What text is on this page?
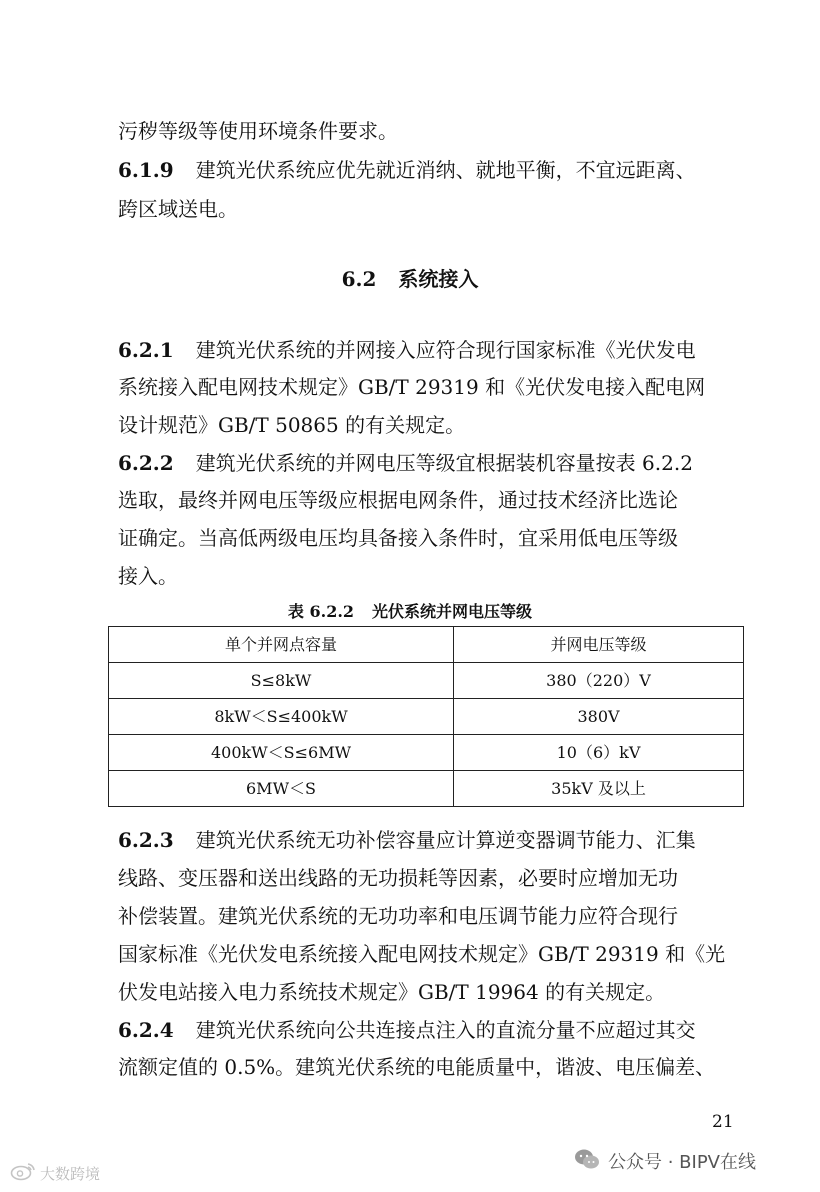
污秽等级等使用环境条件要求。
6.1.9 建筑光伏系统应优先就近消纳、就地平衡，不宜远距离、
跨区域送电。
6.2 系统接入
6.2.1 建筑光伏系统的并网接入应符合现行国家标准《光伏发电
系统接入配电网技术规定》GB/T 29319 和《光伏发电接入配电网
设计规范》GB/T 50865 的有关规定。
6.2.2 建筑光伏系统的并网电压等级宜根据装机容量按表 6.2.2
选取，最终并网电压等级应根据电网条件，通过技术经济比选论
证确定。当高低两级电压均具备接入条件时，宜采用低电压等级
接入。
表 6.2.2 光伏系统并网电压等级
单个并网点容量	并网电压等级
S≤8kW	380（220）V
8kW＜S≤400kW	380V
400kW＜S≤6MW	10（6）kV
6MW＜S	35kV 及以上
6.2.3 建筑光伏系统无功补偿容量应计算逆变器调节能力、汇集
线路、变压器和送出线路的无功损耗等因素，必要时应增加无功
补偿装置。建筑光伏系统的无功功率和电压调节能力应符合现行
国家标准《光伏发电系统接入配电网技术规定》GB/T 29319 和《光
伏发电站接入电力系统技术规定》GB/T 19964 的有关规定。
6.2.4 建筑光伏系统向公共连接点注入的直流分量不应超过其交
流额定值的 0.5%。建筑光伏系统的电能质量中，谐波、电压偏差、
21
公众号 · BIPV在线
大数跨境
